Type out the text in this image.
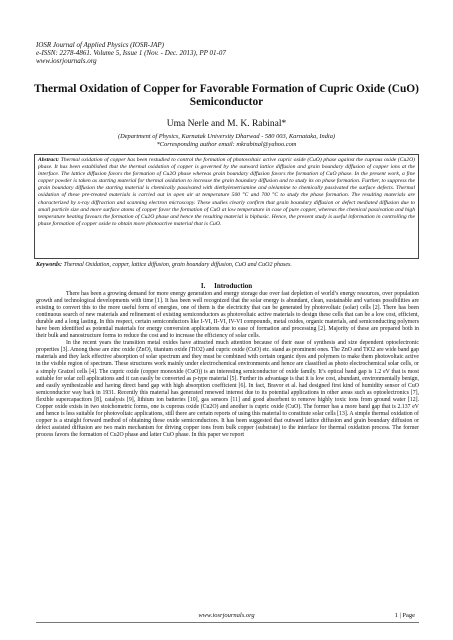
IOSR Journal of Applied Physics (IOSR-JAP)
e-ISSN: 2278-4861. Volume 5, Issue 1 (Nov. - Dec. 2013), PP 01-07
www.iosrjournals.org
Thermal Oxidation of Copper for Favorable Formation of Cupric Oxide (CuO) Semiconductor
Uma Nerle and M. K. Rabinal*
(Department of Physics, Karnatak University Dharwad - 580 003, Karnataka, India)
*Corresponding author email: mkrabinal@yahoo.com
Abstract: Thermal oxidation of copper has been restudied to control the formation of photovoltaic active cupric oxide (CuO) phase against the cuprous oxide (Cu2O) phase. It has been established that the thermal oxidation of copper is governed by the outward lattice diffusion and grain boundary diffusion of copper ions at the interface. The lattice diffusion favors the formation of Cu2O phase whereas grain boundary diffusion favors the formation of CuO phase. In the present work, a fine copper powder is taken as starting material for thermal oxidation to increase the grain boundary diffusion and to study its on phase formation. Further, to suppress the grain boundary diffusion the starting material is chemically passivated with diethylenetriamine and olelamine to chemically passivated the surface defects. Thermal oxidation of these pre-treated materials is carried out in open air at temperature 500 °C and 700 °C to study the phase formation. The resulting materials are characterized by x-ray diffraction and scanning electron microscopy. These studies clearly confirm that grain boundary diffusion or defect mediated diffusion due to small particle size and more surface atoms of copper favor the formation of CuO at low temperature in case of pure copper, whereas the chemical passivation and high temperature heating favours the formation of Cu2O phase and hence the resulting material is biphasic. Hence, the present study is useful information in controlling the phase formation of copper oxide to obtain more photoactive material that is CuO.
Keywords: Thermal Oxidation, copper, lattice diffusion, grain boundary diffusion, CuO and CuO2 phases.
I. Introduction

There has been a growing demand for more energy generation and energy storage due over fast depletion of world’s energy resources, over population growth and technological developments with time [1]. It has been well recognized that the solar energy is abundant, clean, sustainable and various possibilities are existing to convert this to the more useful form of energies, one of them is the electricity that can be generated by photovoltaic (solar) cells [2]. There has been continuous search of new materials and refinement of existing semiconductors as photovoltaic active materials to design these cells that can be a low cost, efficient, durable and a long lasting. In this respect, certain semiconductors like I-VI, II-VI, IV-VI compounds, metal oxides, organic materials, and semiconducting polymers have been identified as potential materials for energy conversion applications due to ease of formation and processing [2]. Majority of these are prepared both in their bulk and nanostructure forms to reduce the cost and to increase the efficiency of solar cells.

In the recent years the transition metal oxides have attracted much attention because of their ease of synthesis and size dependent optoelectronic properties [3]. Among these are zinc oxide (ZnO), titanium oxide (TiO2) and cupric oxide (CuO) etc. stand as prominent ones. The ZnO and TiO2 are wide band gap materials and they lack effective absorption of solar spectrum and they must be combined with certain organic dyes and polymers to make them photovoltaic active in the visible region of spectrum. These structures work mainly under electrochemical environments and hence are classified as photo electrochemical solar cells, or a simply Gratzel cells [4]. The cupric oxide (copper monoxide (CuO)) is an interesting semiconductor of oxide family. It’s optical band gap is 1.2 eV that is most suitable for solar cell applications and it can easily be converted as p-type material [5]. Further its advantage is that it is low cost, abundant, environmentally benign, and easily synthesizable and having direct band gap with high absorption coefficient [6]. In fact, Bravor et al. had designed first kind of humidity sensor of CuO semiconductor way back in 1931. Recently this material has generated renewed interest due to its potential applications in other areas such as optoelectronics [7], flexible supercapacitors [8], catalysis [9], lithium ion batteries [10], gas sensors [11] and good absorbent to remove highly toxic ions from ground water [12]. Copper oxide exists in two stoichometric forms, one is cuprous oxide (Cu2O) and another is cupric oxide (CuO). The former has a more band gap that is 2.137 eV and hence is less suitable for photovoltaic applications, still there are certain reports of using this material to constitute solar cells [13]. A simple thermal oxidation of copper is a straight forward method of obtaining these oxide semiconductors. It has been suggested that outward lattice diffusion and grain boundary diffusion or defect assisted diffusion are two main mechanism for driving copper ions from bulk copper (substrate) to the interface for thermal oxidation process. The former process favors the formation of Cu2O phase and latter CuO phase. In this paper we report

www.iosrjournals.org	1 | Page
